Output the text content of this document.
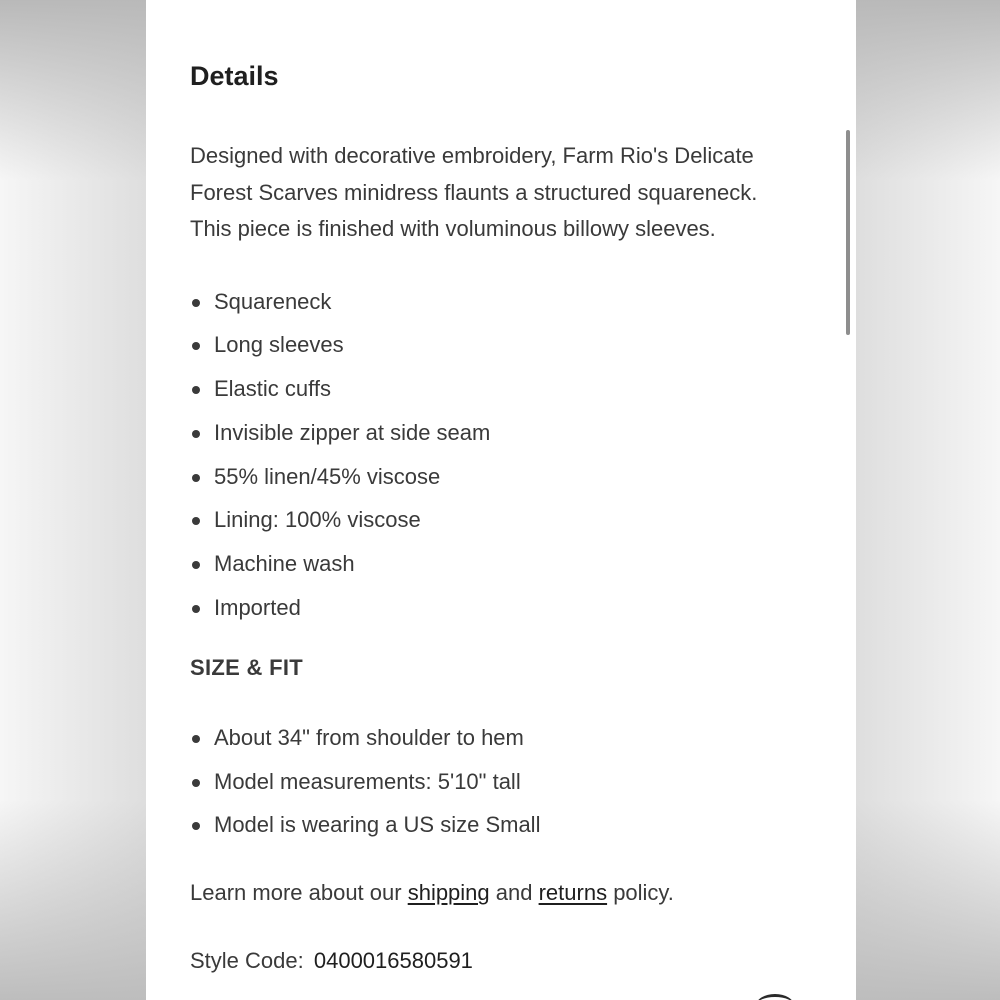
Details
Designed with decorative embroidery, Farm Rio's Delicate
Forest Scarves minidress flaunts a structured squareneck.
This piece is finished with voluminous billowy sleeves.
Squareneck
Long sleeves
Elastic cuffs
Invisible zipper at side seam
55% linen/45% viscose
Lining: 100% viscose
Machine wash
Imported
SIZE & FIT
About 34" from shoulder to hem
Model measurements: 5'10" tall
Model is wearing a US size Small
Learn more about our shipping and returns policy.
Style Code: 0400016580591
